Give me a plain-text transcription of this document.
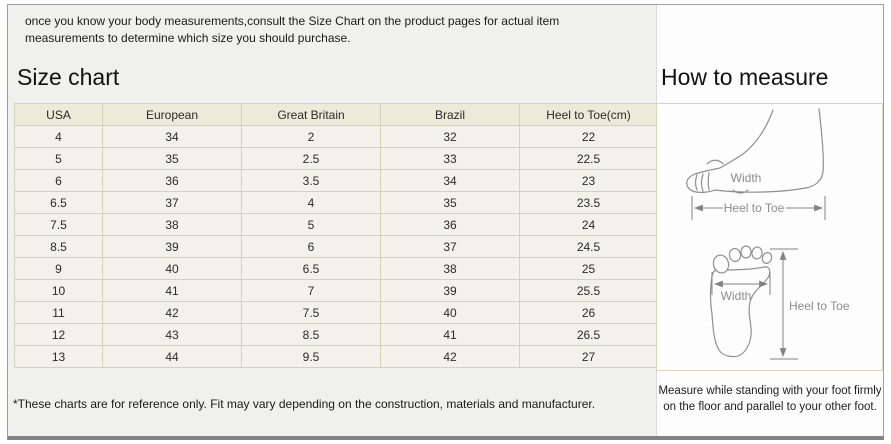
once you know your body measurements,consult the Size Chart on the product pages for actual item measurements to determine which size you should purchase.

Size chart
USA	European	Great Britain	Brazil	Heel to Toe(cm)
4	34	2	32	22
5	35	2.5	33	22.5
6	36	3.5	34	23
6.5	37	4	35	23.5
7.5	38	5	36	24
8.5	39	6	37	24.5
9	40	6.5	38	25
10	41	7	39	25.5
11	42	7.5	40	26
12	43	8.5	41	26.5
13	44	9.5	42	27

*These charts are for reference only. Fit may vary depending on the construction, materials and manufacturer.

How to measure
Width
Heel to Toe
Width
Heel to Toe

Measure while standing with your foot firmly on the floor and parallel to your other foot.
